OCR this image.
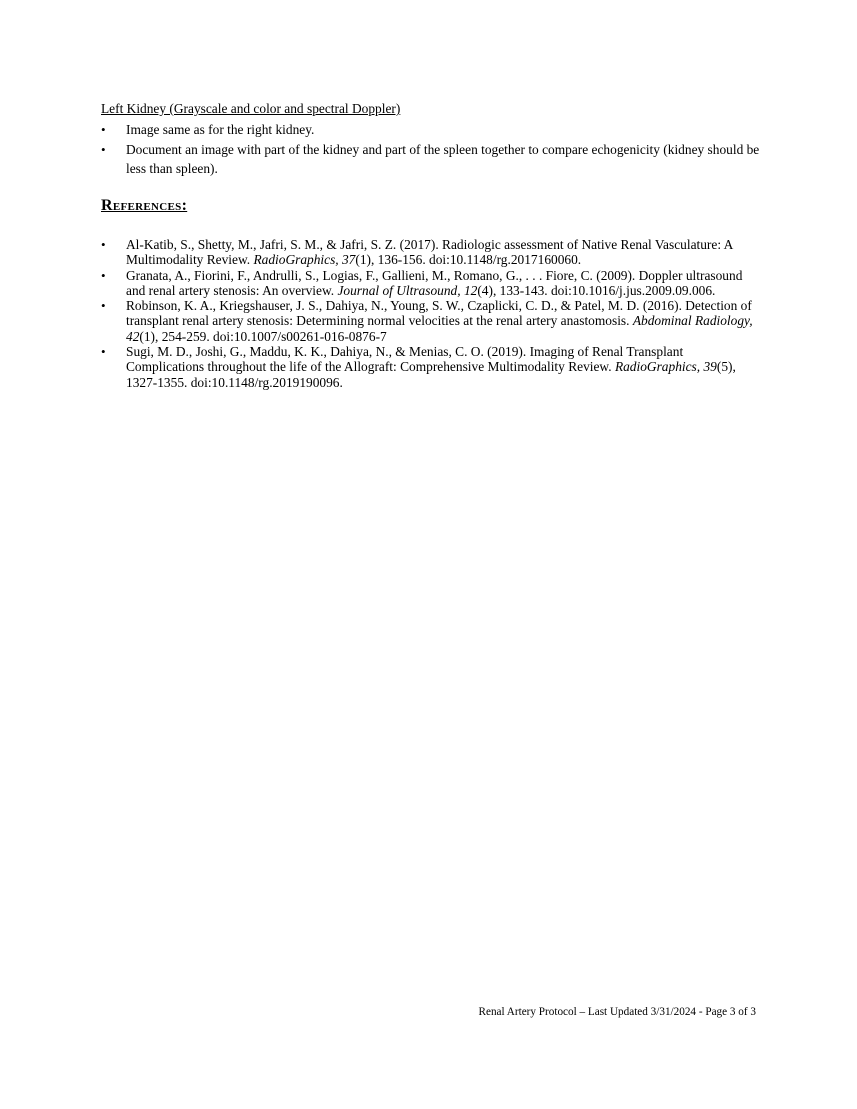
Left Kidney (Grayscale and color and spectral Doppler)
• Image same as for the right kidney.
• Document an image with part of the kidney and part of the spleen together to compare echogenicity (kidney should be less than spleen).
References:
• Al-Katib, S., Shetty, M., Jafri, S. M., & Jafri, S. Z. (2017). Radiologic assessment of Native Renal Vasculature: A Multimodality Review. RadioGraphics, 37(1), 136-156. doi:10.1148/rg.2017160060.
• Granata, A., Fiorini, F., Andrulli, S., Logias, F., Gallieni, M., Romano, G., . . . Fiore, C. (2009). Doppler ultrasound and renal artery stenosis: An overview. Journal of Ultrasound, 12(4), 133-143. doi:10.1016/j.jus.2009.09.006.
• Robinson, K. A., Kriegshauser, J. S., Dahiya, N., Young, S. W., Czaplicki, C. D., & Patel, M. D. (2016). Detection of transplant renal artery stenosis: Determining normal velocities at the renal artery anastomosis. Abdominal Radiology, 42(1), 254-259. doi:10.1007/s00261-016-0876-7
• Sugi, M. D., Joshi, G., Maddu, K. K., Dahiya, N., & Menias, C. O. (2019). Imaging of Renal Transplant Complications throughout the life of the Allograft: Comprehensive Multimodality Review. RadioGraphics, 39(5), 1327-1355. doi:10.1148/rg.2019190096.
Renal Artery Protocol – Last Updated 3/31/2024 - Page 3 of 3
